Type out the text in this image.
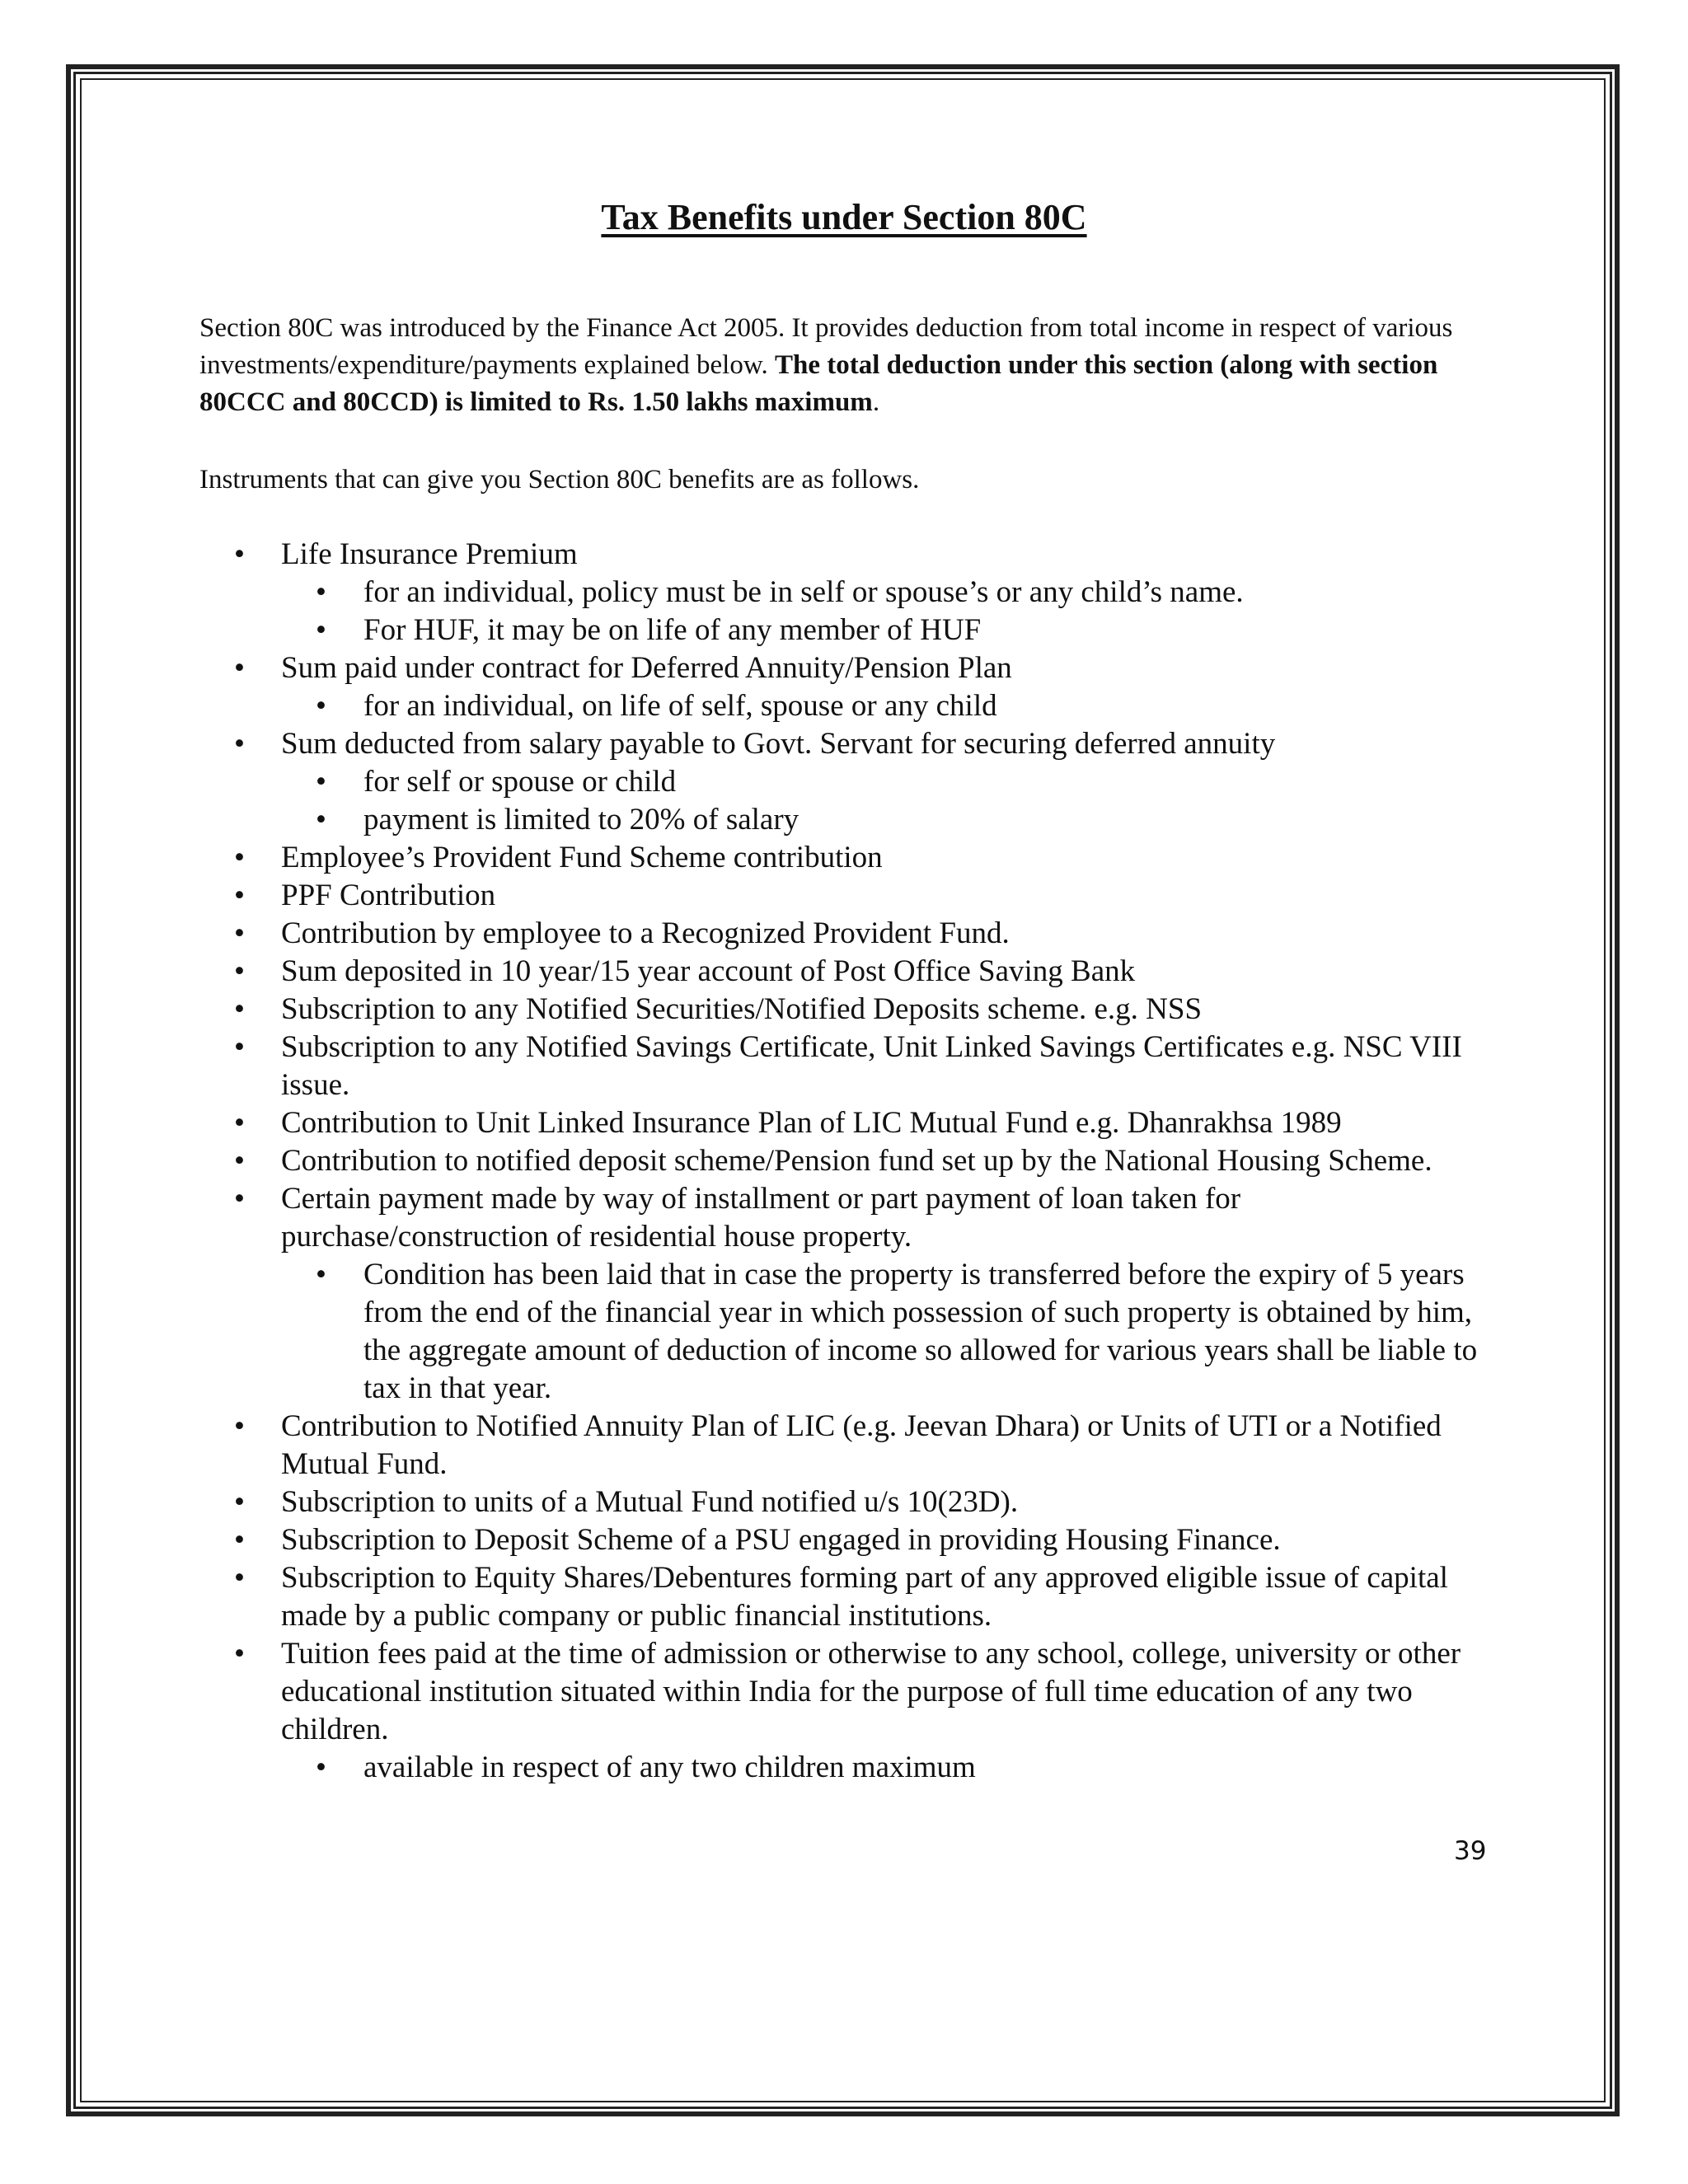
Tax Benefits under Section 80C
Section 80C was introduced by the Finance Act 2005. It provides deduction from total income in respect of various investments/expenditure/payments explained below. The total deduction under this section (along with section 80CCC and 80CCD) is limited to Rs. 1.50 lakhs maximum.
Instruments that can give you Section 80C benefits are as follows.
• Life Insurance Premium
• for an individual, policy must be in self or spouse’s or any child’s name.
• For HUF, it may be on life of any member of HUF
• Sum paid under contract for Deferred Annuity/Pension Plan
• for an individual, on life of self, spouse or any child
• Sum deducted from salary payable to Govt. Servant for securing deferred annuity
• for self or spouse or child
• payment is limited to 20% of salary
• Employee’s Provident Fund Scheme contribution
• PPF Contribution
• Contribution by employee to a Recognized Provident Fund.
• Sum deposited in 10 year/15 year account of Post Office Saving Bank
• Subscription to any Notified Securities/Notified Deposits scheme. e.g. NSS
• Subscription to any Notified Savings Certificate, Unit Linked Savings Certificates e.g. NSC VIII issue.
• Contribution to Unit Linked Insurance Plan of LIC Mutual Fund e.g. Dhanrakhsa 1989
• Contribution to notified deposit scheme/Pension fund set up by the National Housing Scheme.
• Certain payment made by way of installment or part payment of loan taken for purchase/construction of residential house property.
• Condition has been laid that in case the property is transferred before the expiry of 5 years from the end of the financial year in which possession of such property is obtained by him, the aggregate amount of deduction of income so allowed for various years shall be liable to tax in that year.
• Contribution to Notified Annuity Plan of LIC (e.g. Jeevan Dhara) or Units of UTI or a Notified Mutual Fund.
• Subscription to units of a Mutual Fund notified u/s 10(23D).
• Subscription to Deposit Scheme of a PSU engaged in providing Housing Finance.
• Subscription to Equity Shares/Debentures forming part of any approved eligible issue of capital made by a public company or public financial institutions.
• Tuition fees paid at the time of admission or otherwise to any school, college, university or other educational institution situated within India for the purpose of full time education of any two children.
• available in respect of any two children maximum
39
